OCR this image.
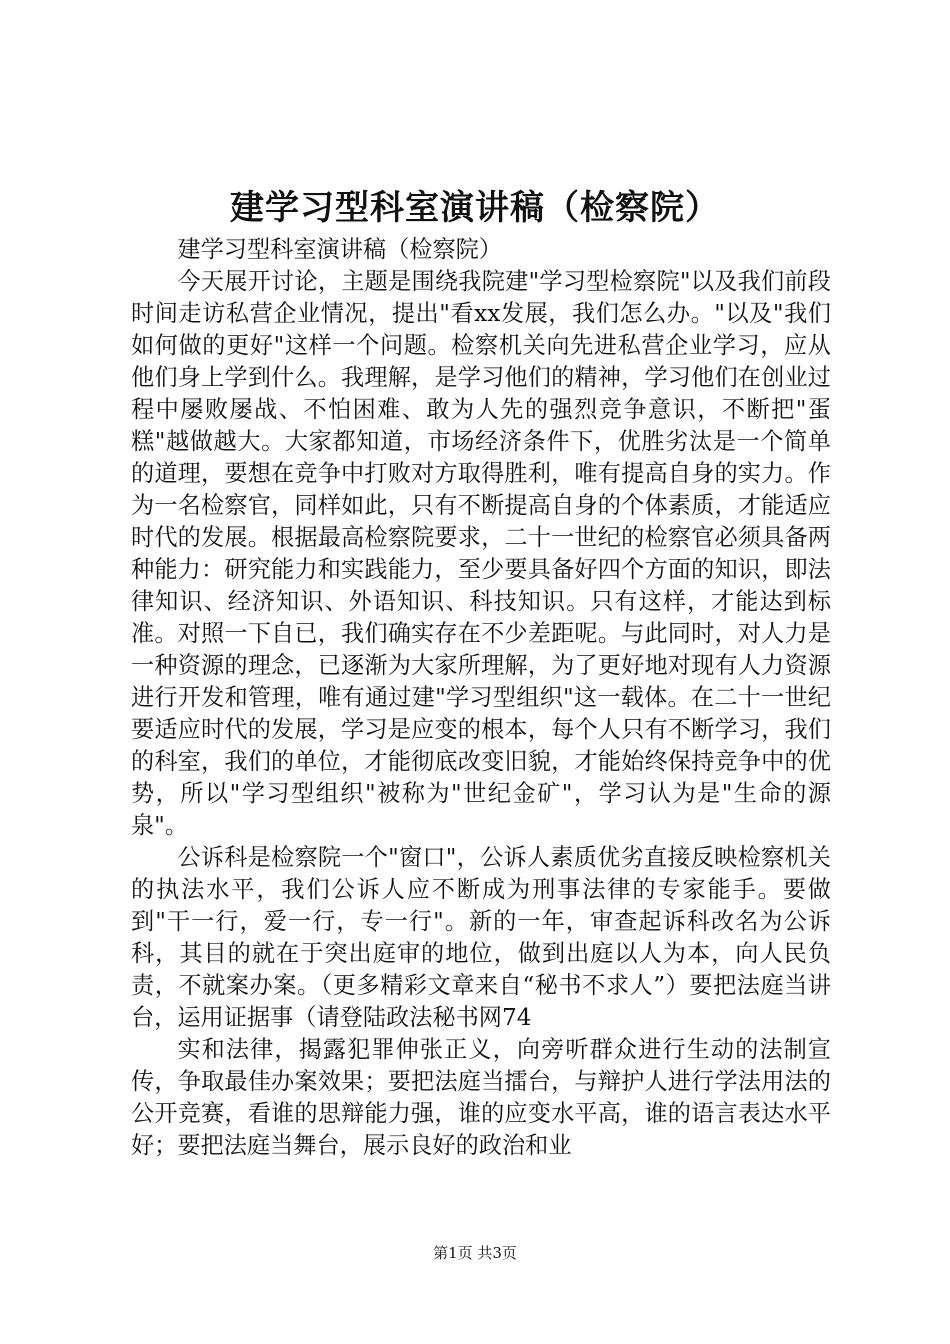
建学习型科室演讲稿（检察院）

建学习型科室演讲稿（检察院）

今天展开讨论，主题是围绕我院建"学习型检察院"以及我们前段时间走访私营企业情况，提出"看xx发展，我们怎么办。"以及"我们如何做的更好"这样一个问题。检察机关向先进私营企业学习，应从他们身上学到什么。我理解，是学习他们的精神，学习他们在创业过程中屡败屡战、不怕困难、敢为人先的强烈竞争意识，不断把"蛋糕"越做越大。大家都知道，市场经济条件下，优胜劣汰是一个简单的道理，要想在竞争中打败对方取得胜利，唯有提高自身的实力。作为一名检察官，同样如此，只有不断提高自身的个体素质，才能适应时代的发展。根据最高检察院要求，二十一世纪的检察官必须具备两种能力：研究能力和实践能力，至少要具备好四个方面的知识，即法律知识、经济知识、外语知识、科技知识。只有这样，才能达到标准。对照一下自已，我们确实存在不少差距呢。与此同时，对人力是一种资源的理念，已逐渐为大家所理解，为了更好地对现有人力资源进行开发和管理，唯有通过建"学习型组织"这一载体。在二十一世纪要适应时代的发展，学习是应变的根本，每个人只有不断学习，我们的科室，我们的单位，才能彻底改变旧貌，才能始终保持竞争中的优势，所以"学习型组织"被称为"世纪金矿"，学习认为是"生命的源泉"。

公诉科是检察院一个"窗口"，公诉人素质优劣直接反映检察机关的执法水平，我们公诉人应不断成为刑事法律的专家能手。要做到"干一行，爱一行，专一行"。新的一年，审查起诉科改名为公诉科，其目的就在于突出庭审的地位，做到出庭以人为本，向人民负责，不就案办案。（更多精彩文章来自“秘书不求人”）要把法庭当讲台，运用证据事（请登陆政法秘书网74

实和法律，揭露犯罪伸张正义，向旁听群众进行生动的法制宣传，争取最佳办案效果；要把法庭当擂台，与辩护人进行学法用法的公开竞赛，看谁的思辩能力强，谁的应变水平高，谁的语言表达水平好；要把法庭当舞台，展示良好的政治和业

第1页 共3页
